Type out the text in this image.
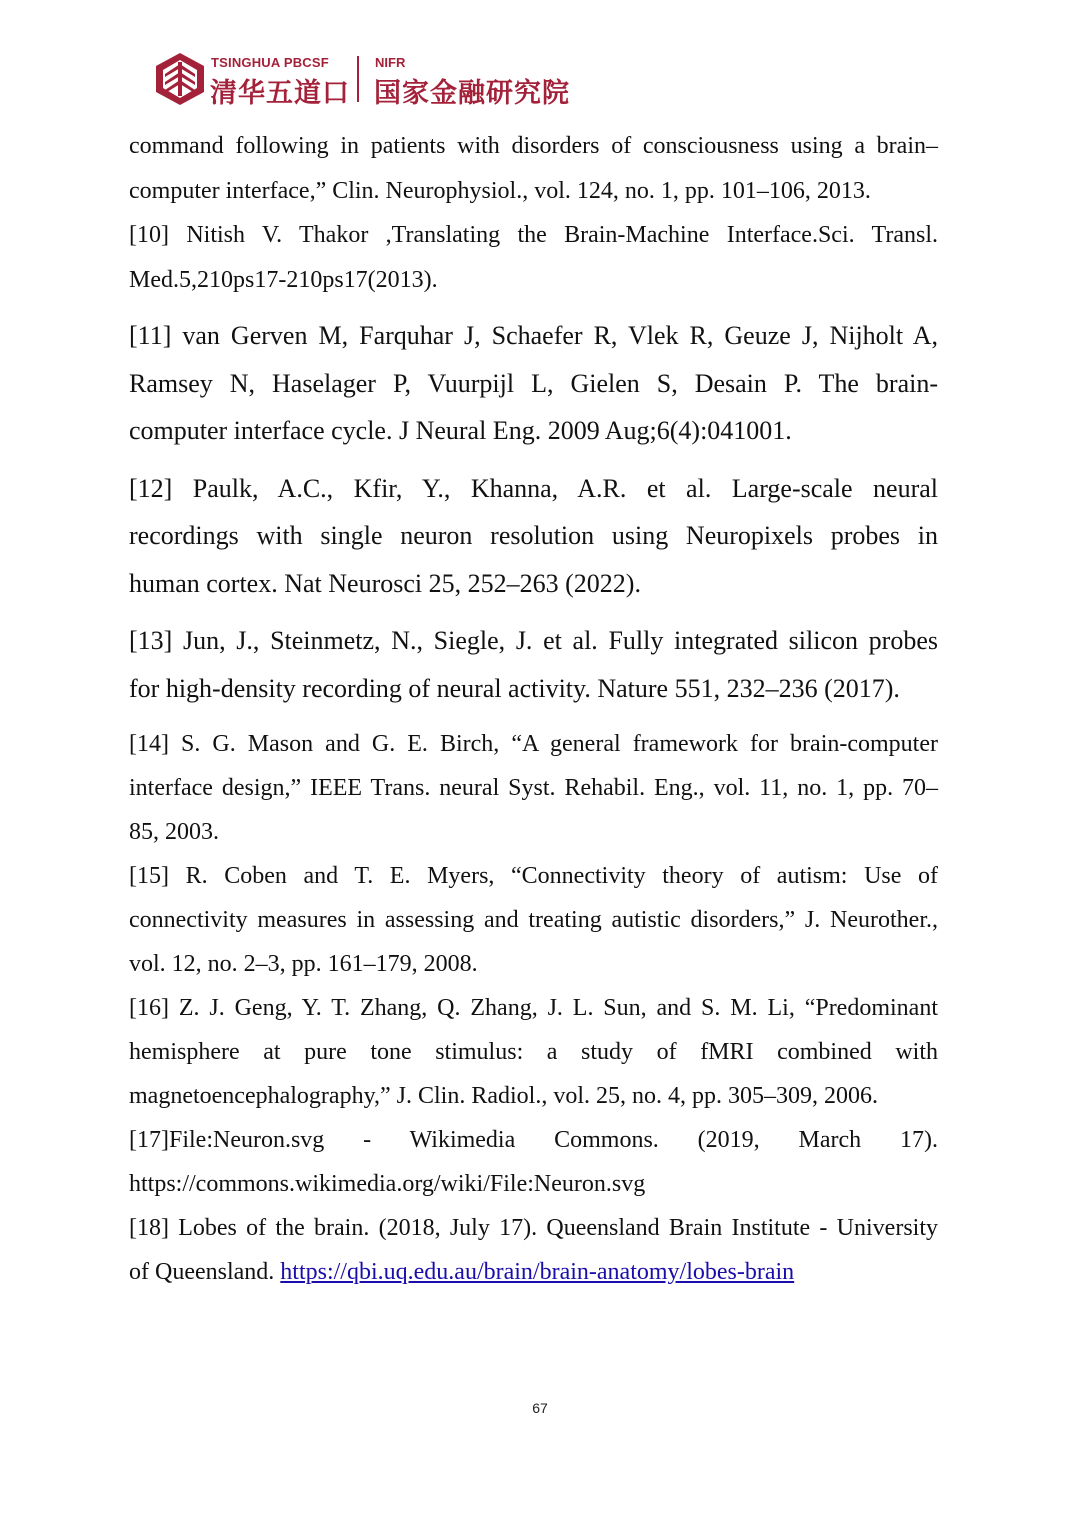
TSINGHUA PBCSF
清华五道口
NIFR
国家金融研究院
command following in patients with disorders of consciousness using a brain–
computer interface,” Clin. Neurophysiol., vol. 124, no. 1, pp. 101–106, 2013.
[10] Nitish V. Thakor ,Translating the Brain-Machine Interface.Sci. Transl.
Med.5,210ps17-210ps17(2013).
[11] van Gerven M, Farquhar J, Schaefer R, Vlek R, Geuze J, Nijholt A,
Ramsey N, Haselager P, Vuurpijl L, Gielen S, Desain P. The brain-
computer interface cycle. J Neural Eng. 2009 Aug;6(4):041001.
[12] Paulk, A.C., Kfir, Y., Khanna, A.R. et al. Large-scale neural
recordings with single neuron resolution using Neuropixels probes in
human cortex. Nat Neurosci 25, 252–263 (2022).
[13] Jun, J., Steinmetz, N., Siegle, J. et al. Fully integrated silicon probes
for high-density recording of neural activity. Nature 551, 232–236 (2017).
[14] S. G. Mason and G. E. Birch, “A general framework for brain-computer
interface design,” IEEE Trans. neural Syst. Rehabil. Eng., vol. 11, no. 1, pp. 70–
85, 2003.
[15] R. Coben and T. E. Myers, “Connectivity theory of autism: Use of
connectivity measures in assessing and treating autistic disorders,” J. Neurother.,
vol. 12, no. 2–3, pp. 161–179, 2008.
[16] Z. J. Geng, Y. T. Zhang, Q. Zhang, J. L. Sun, and S. M. Li, “Predominant
hemisphere at pure tone stimulus: a study of fMRI combined with
magnetoencephalography,” J. Clin. Radiol., vol. 25, no. 4, pp. 305–309, 2006.
[17]File:Neuron.svg - Wikimedia Commons. (2019, March 17).
https://commons.wikimedia.org/wiki/File:Neuron.svg
[18] Lobes of the brain. (2018, July 17). Queensland Brain Institute - University
of Queensland. https://qbi.uq.edu.au/brain/brain-anatomy/lobes-brain
67
